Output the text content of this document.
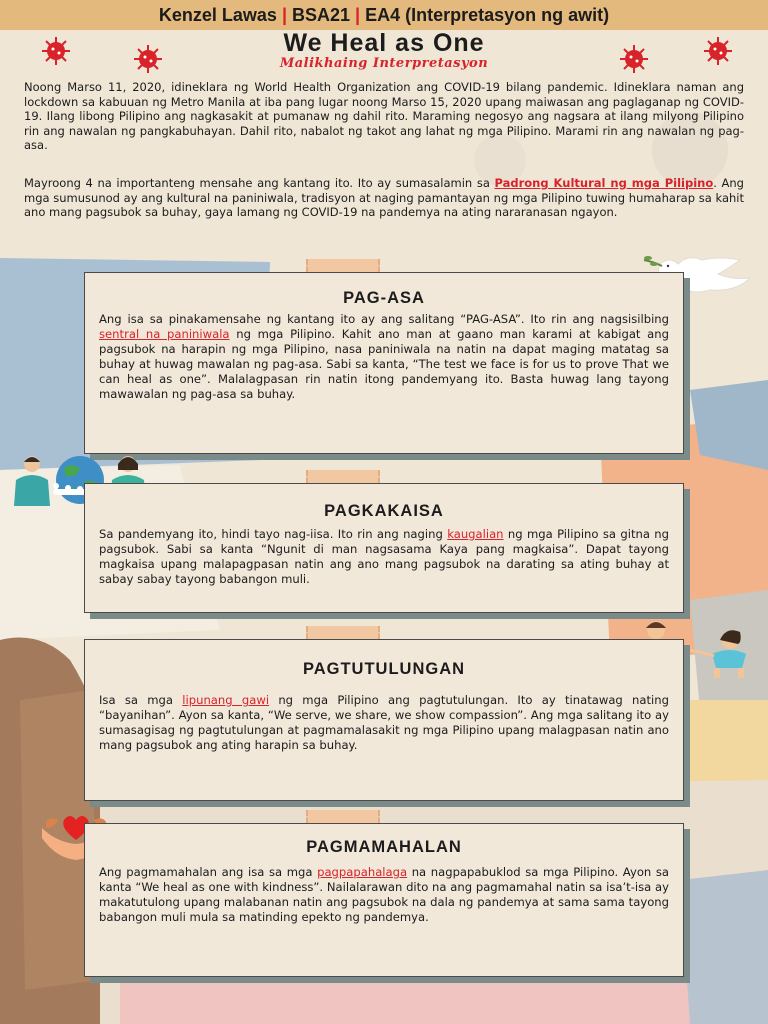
Kenzel Lawas | BSA21 | EA4 (Interpretasyon ng awit)
We Heal as One
Malikhaing Interpretasyon
Noong Marso 11, 2020, idineklara ng World Health Organization ang COVID-19 bilang pandemic. Idineklara naman ang lockdown sa kabuuan ng Metro Manila at iba pang lugar noong Marso 15, 2020 upang maiwasan ang paglaganap ng COVID-19. Ilang libong Pilipino ang nagkasakit at pumanaw ng dahil rito. Maraming negosyo ang nagsara at ilang milyong Pilipino rin ang nawalan ng pangkabuhayan. Dahil rito, nabalot ng takot ang lahat ng mga Pilipino. Marami rin ang nawalan ng pag-asa.
Mayroong 4 na importanteng mensahe ang kantang ito. Ito ay sumasalamin sa Padrong Kultural ng mga Pilipino. Ang mga sumusunod ay ang kultural na paniniwala, tradisyon at naging pamantayan ng mga Pilipino tuwing humaharap sa kahit ano mang pagsubok sa buhay, gaya lamang ng COVID-19 na pandemya na ating nararanasan ngayon.
PAG-ASA

Ang isa sa pinakamensahe ng kantang ito ay ang salitang “PAG-ASA”. Ito rin ang nagsisilbing sentral na paniniwala ng mga Pilipino. Kahit ano man at gaano man karami at kabigat ang pagsubok na harapin ng mga Pilipino, nasa paniniwala na natin na dapat maging matatag sa buhay at huwag mawalan ng pag-asa. Sabi sa kanta, “The test we face is for us to prove That we can heal as one”. Malalagpasan rin natin itong pandemyang ito. Basta huwag lang tayong mawawalan ng pag-asa sa buhay.

PAGKAKAISA

Sa pandemyang ito, hindi tayo nag-iisa. Ito rin ang naging kaugalian ng mga Pilipino sa gitna ng pagsubok. Sabi sa kanta “Ngunit di man nagsasama Kaya pang magkaisa”. Dapat tayong magkaisa upang malapagpasan natin ang ano mang pagsubok na darating sa ating buhay at sabay sabay tayong babangon muli.

PAGTUTULUNGAN

Isa sa mga lipunang gawi ng mga Pilipino ang pagtutulungan. Ito ay tinatawag nating “bayanihan”. Ayon sa kanta, “We serve, we share, we show compassion”. Ang mga salitang ito ay sumasagisag ng pagtutulungan at pagmamalasakit ng mga Pilipino upang malagpasan natin ano mang pagsubok ang ating harapin sa buhay.

PAGMAMAHALAN

Ang pagmamahalan ang isa sa mga pagpapahalaga na nagpapabuklod sa mga Pilipino. Ayon sa kanta “We heal as one with kindness”. Nailalarawan dito na ang pagmamahal natin sa isa’t-isa ay makatutulong upang malabanan natin ang pagsubok na dala ng pandemya at sama sama tayong babangon muli mula sa matinding epekto ng pandemya.
